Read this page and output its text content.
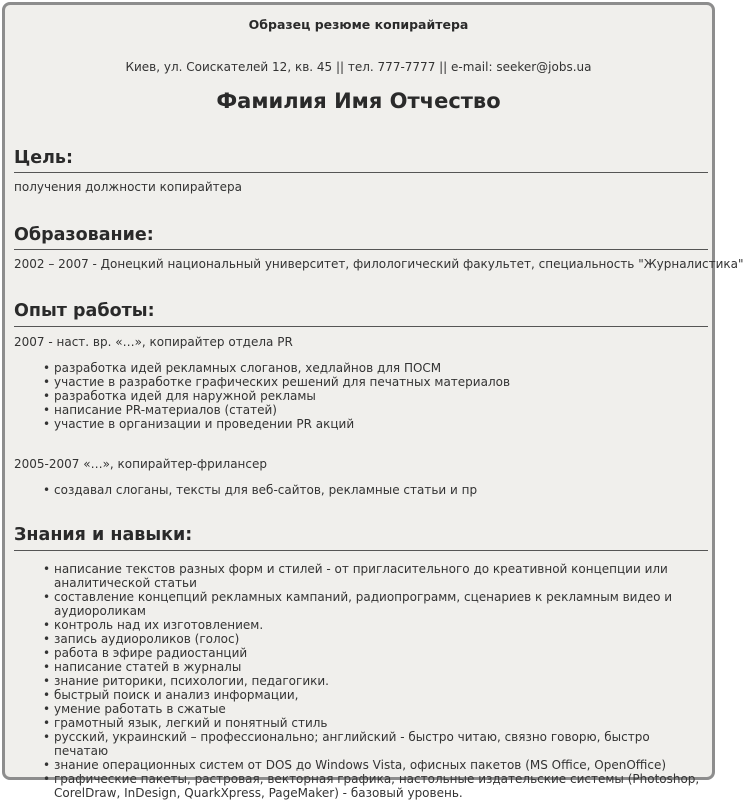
Образец резюме копирайтера
Киев, ул. Соискателей 12, кв. 45 || тел. 777-7777 || e-mail: seeker@jobs.ua
Фамилия Имя Отчество
Цель:
получения должности копирайтера
Образование:
2002 – 2007 - Донецкий национальный университет, филологический факультет, специальность "Журналистика"
Опыт работы:
2007 - наст. вр. «…», копирайтер отдела PR
• разработка идей рекламных слоганов, хедлайнов для ПОСМ
• участие в разработке графических решений для печатных материалов
• разработка идей для наружной рекламы
• написание PR-материалов (статей)
• участие в организации и проведении PR акций
2005-2007 «…», копирайтер-фрилансер
• создавал слоганы, тексты для веб-сайтов, рекламные статьи и пр
Знания и навыки:
• написание текстов разных форм и стилей - от пригласительного до креативной концепции или аналитической статьи
• составление концепций рекламных кампаний, радиопрограмм, сценариев к рекламным видео и аудиороликам
• контроль над их изготовлением.
• запись аудиороликов (голос)
• работа в эфире радиостанций
• написание статей в журналы
• знание риторики, психологии, педагогики.
• быстрый поиск и анализ информации,
• умение работать в сжатые
• грамотный язык, легкий и понятный стиль
• русский, украинский – профессионально; английский - быстро читаю, связно говорю, быстро печатаю
• знание операционных систем от DOS до Windows Vista, офисных пакетов (MS Office, OpenOffice)
• графические пакеты, растровая, векторная графика, настольные издательские системы (Photoshop, CorelDraw, InDesign, QuarkXpress, PageMaker) - базовый уровень.
